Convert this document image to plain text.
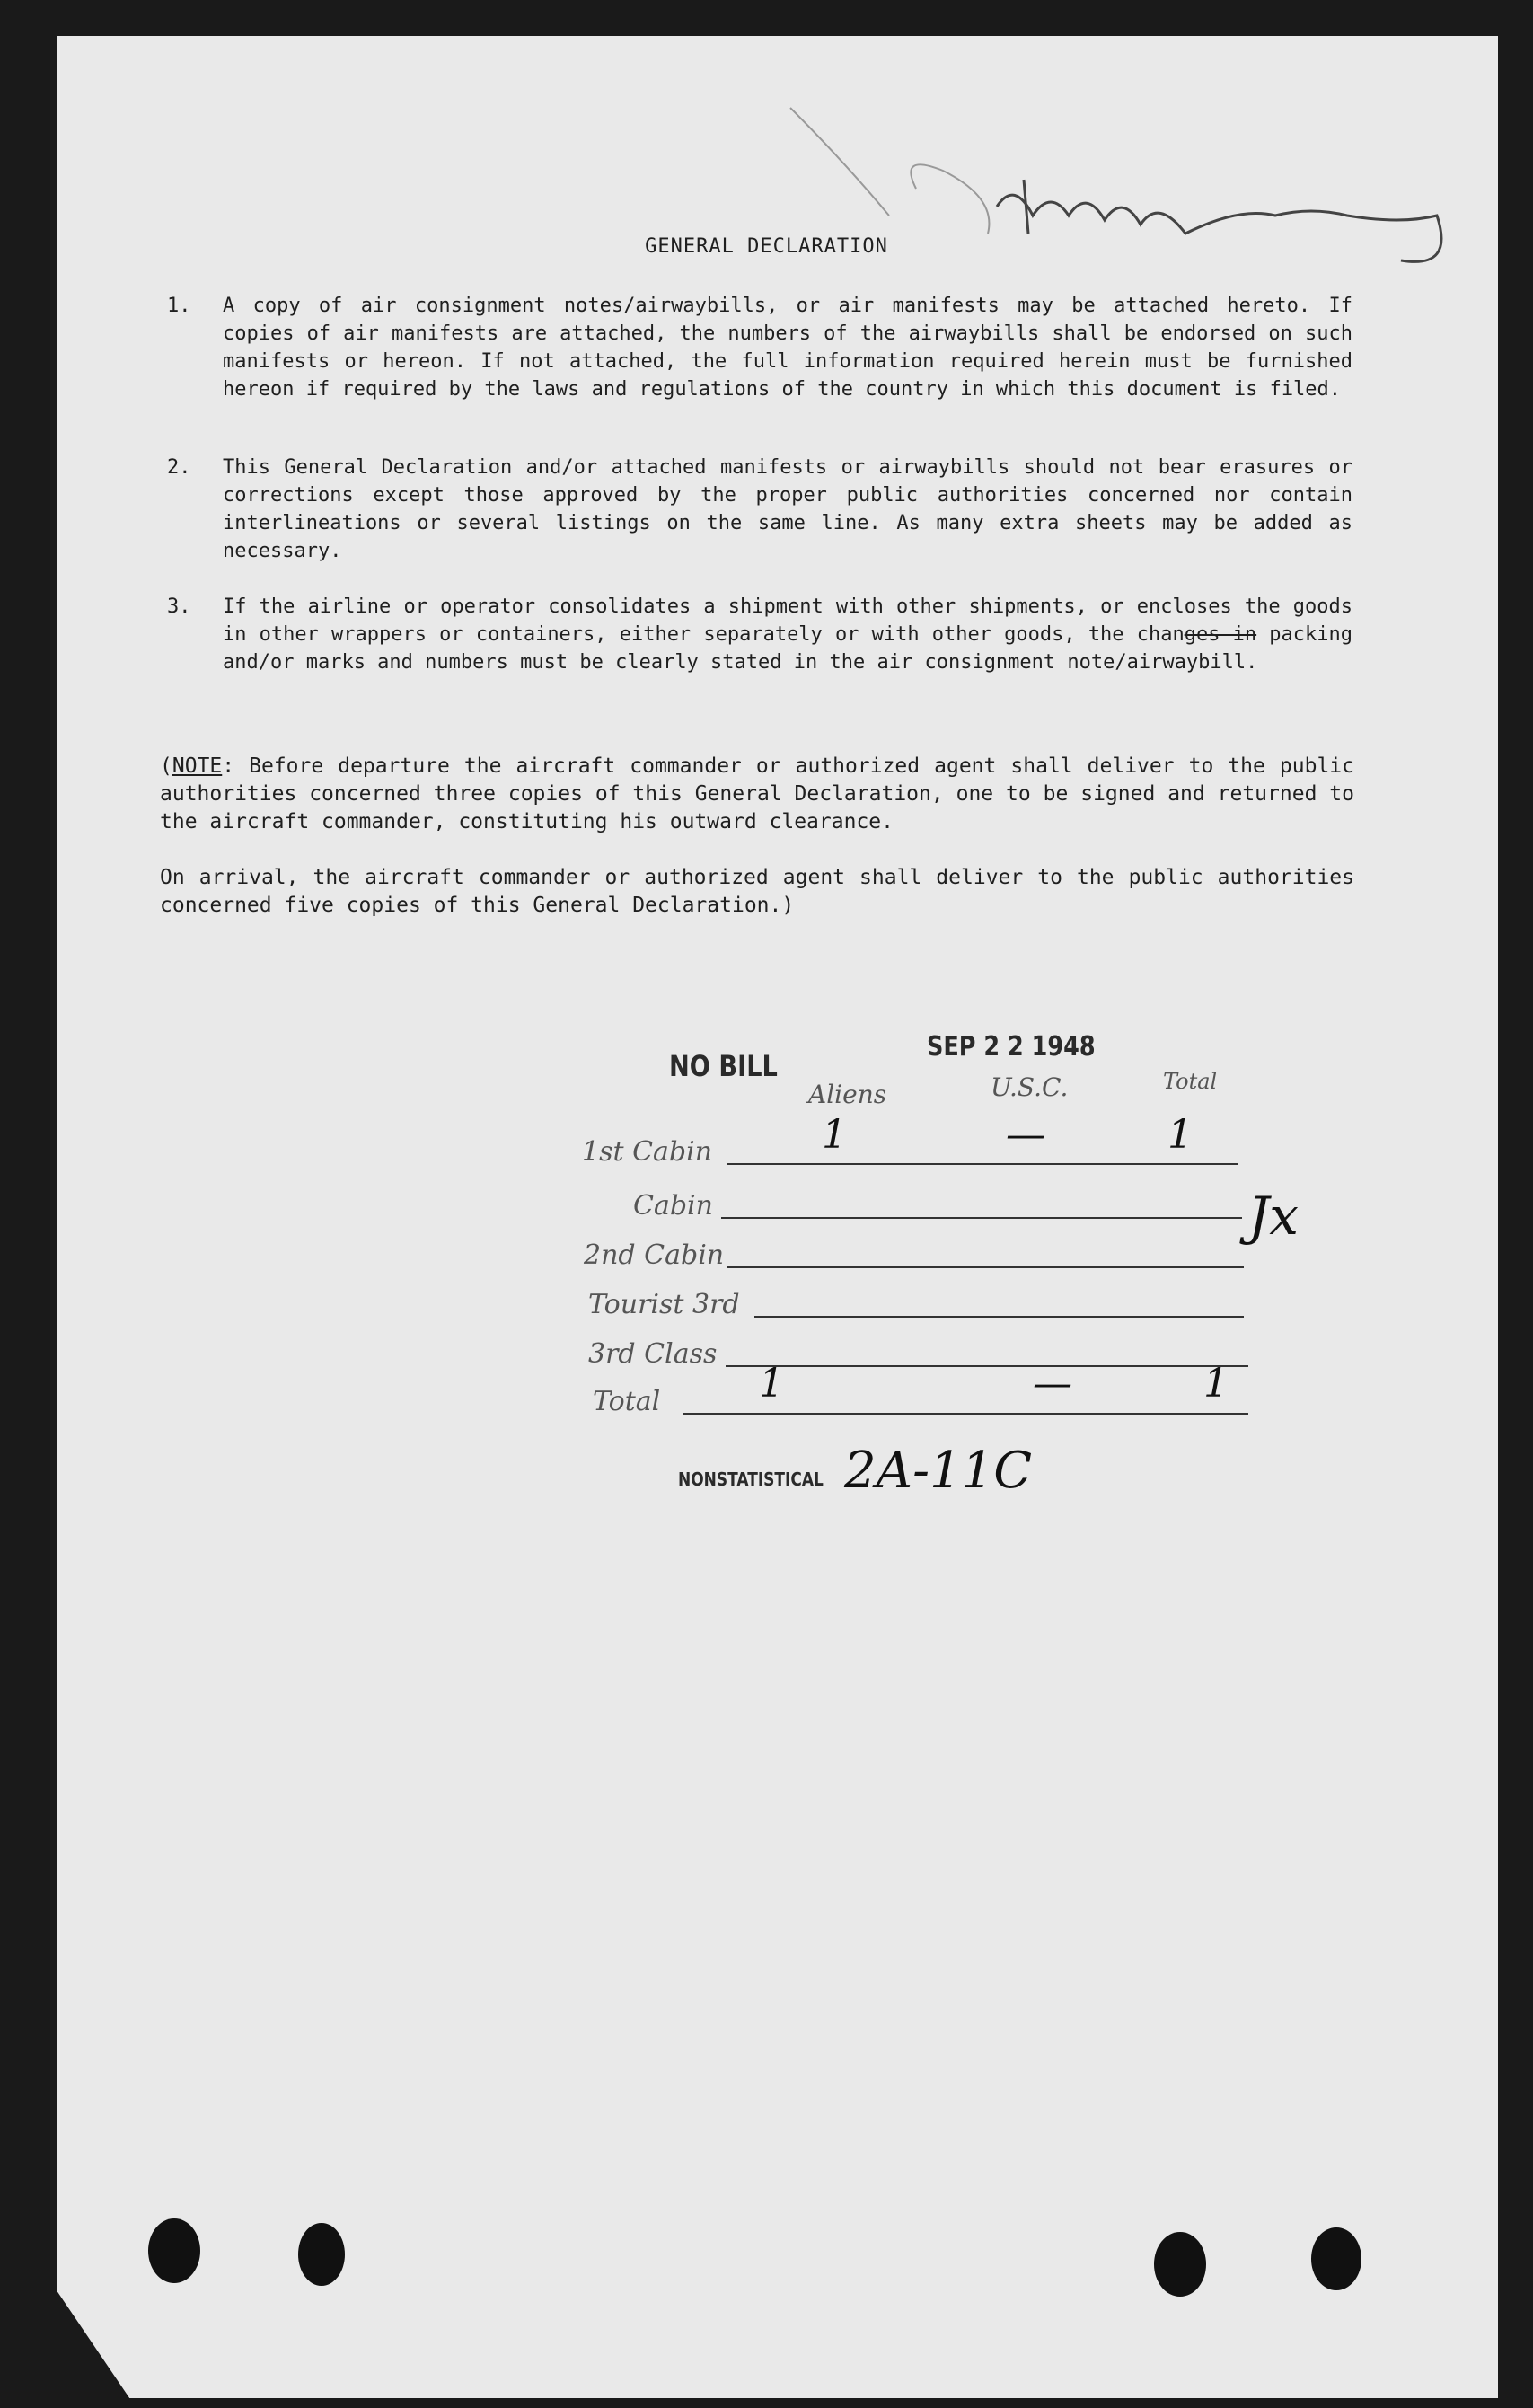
GENERAL DECLARATION
1. A copy of air consignment notes/airwaybills, or air manifests may be attached hereto. If copies of air manifests are attached, the numbers of the airwaybills shall be endorsed on such manifests or hereon. If not attached, the full information required herein must be furnished hereon if required by the laws and regulations of the country in which this document is filed.
2. This General Declaration and/or attached manifests or airwaybills should not bear erasures or corrections except those approved by the proper public authorities concerned nor contain interlineations or several listings on the same line. As many extra sheets may be added as necessary.
3. If the airline or operator consolidates a shipment with other shipments, or encloses the goods in other wrappers or containers, either separately or with other goods, the changes in packing and/or marks and numbers must be clearly stated in the air consignment note/airwaybill.
(NOTE: Before departure the aircraft commander or authorized agent shall deliver to the public authorities concerned three copies of this General Declaration, one to be signed and returned to the aircraft commander, constituting his outward clearance.
On arrival, the aircraft commander or authorized agent shall deliver to the public authorities concerned five copies of this General Declaration.)
NO BILL
SEP 2 2 1948
Aliens	U.S.C.	Total
1st Cabin	1	—	1
Cabin
2nd Cabin
Tourist 3rd
3rd Class
Total 1	—	1
Jx
NONSTATISTICAL 2A-11C
